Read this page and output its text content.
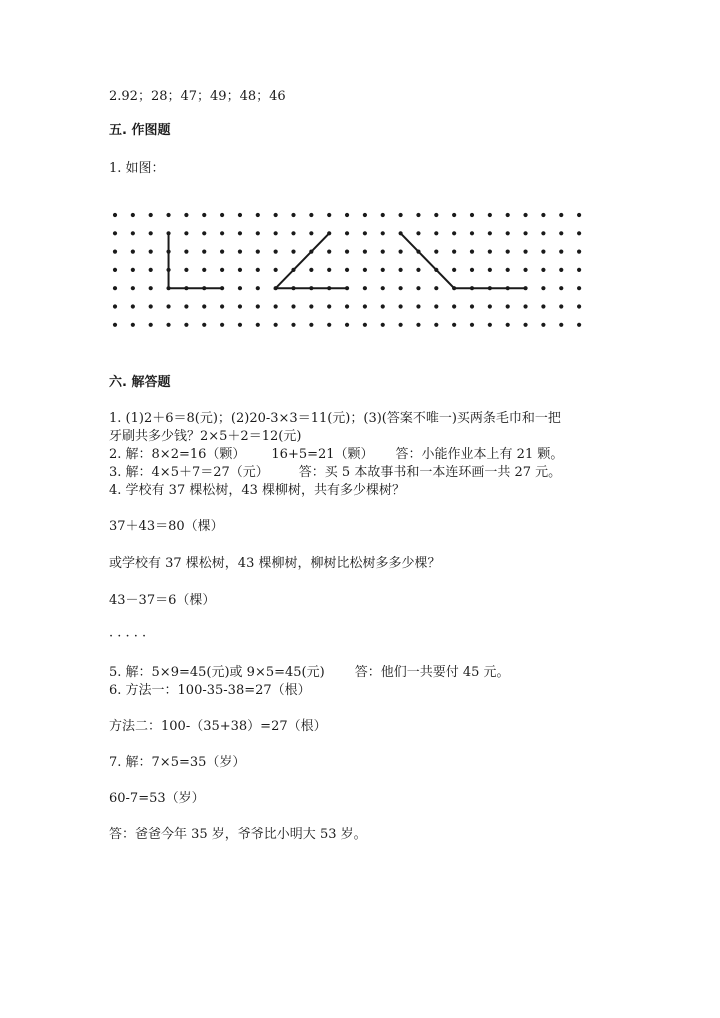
2.92；28；47；49；48；46
五. 作图题
1. 如图：
六. 解答题
1. (1)2＋6＝8(元)；(2)20-3×3＝11(元)；(3)(答案不唯一)买两条毛巾和一把
牙刷共多少钱？2×5＋2＝12(元)
2. 解：8×2=16（颗） 16+5=21（颗） 答：小能作业本上有 21 颗。
3. 解：4×5＋7＝27（元） 答：买 5 本故事书和一本连环画一共 27 元。
4. 学校有 37 棵松树，43 棵柳树，共有多少棵树？
37＋43＝80（棵）
或学校有 37 棵松树，43 棵柳树，柳树比松树多多少棵？
43－37＝6（棵）
· · · · ·
5. 解：5×9=45(元)或 9×5=45(元) 答：他们一共要付 45 元。
6. 方法一：100-35-38=27（根）
方法二：100-（35+38）=27（根）
7. 解：7×5=35（岁）
60-7=53（岁）
答：爸爸今年 35 岁，爷爷比小明大 53 岁。
